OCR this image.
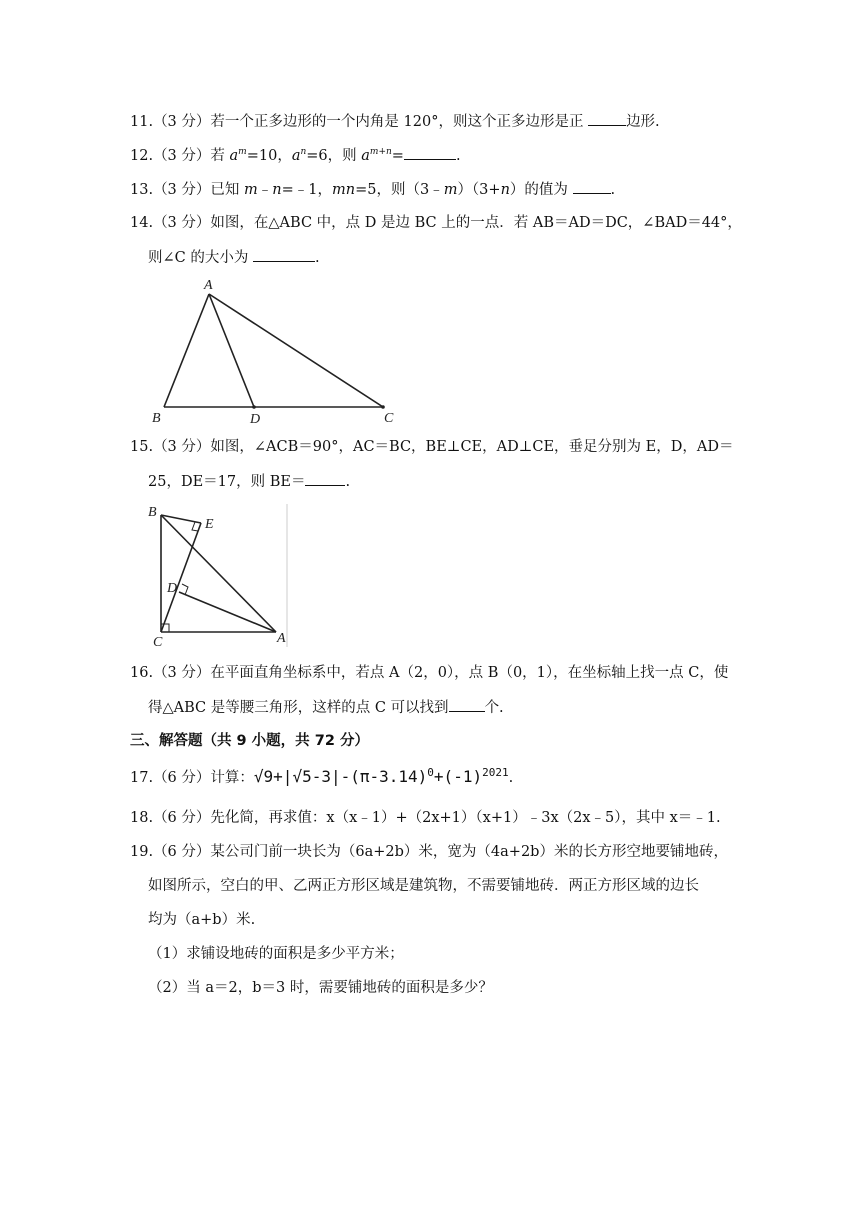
11.（3 分）若一个正多边形的一个内角是 120°，则这个正多边形是正	边形.
12.（3 分）若 $a^m=10$，$a^n=6$，则 $a^{m+n}=$	.
13.（3 分）已知 m﹣n=﹣1，mn=5，则（3﹣m）（3+n）的值为	.
14.（3 分）如图，在△ABC 中，点 D 是边 BC 上的一点．若 AB＝AD＝DC，∠BAD＝44°，
则∠C 的大小为	.
A
B	D	C
15.（3 分）如图，∠ACB＝90°，AC＝BC，BE⊥CE，AD⊥CE，垂足分别为 E，D，AD＝
25，DE＝17，则 BE＝	.
B
E
D
C	A
16.（3 分）在平面直角坐标系中，若点 A（2，0），点 B（0，1），在坐标轴上找一点 C，使
得△ABC 是等腰三角形，这样的点 C 可以找到 个.
三、解答题（共 9 小题，共 72 分）
17.（6 分）计算：$√9+|√5-3|-(\pi-3.14)^0+(-1)^{2021}$.
18.（6 分）先化简，再求值：x（x﹣1）+（2x+1）（x+1）﹣3x（2x﹣5），其中 x＝﹣1.
19.（6 分）某公司门前一块长为（6a+2b）米，宽为（4a+2b）米的长方形空地要铺地砖，
如图所示，空白的甲、乙两正方形区域是建筑物，不需要铺地砖．两正方形区域的边长
均为（a+b）米.
（1）求铺设地砖的面积是多少平方米；
（2）当 a＝2，b＝3 时，需要铺地砖的面积是多少？
